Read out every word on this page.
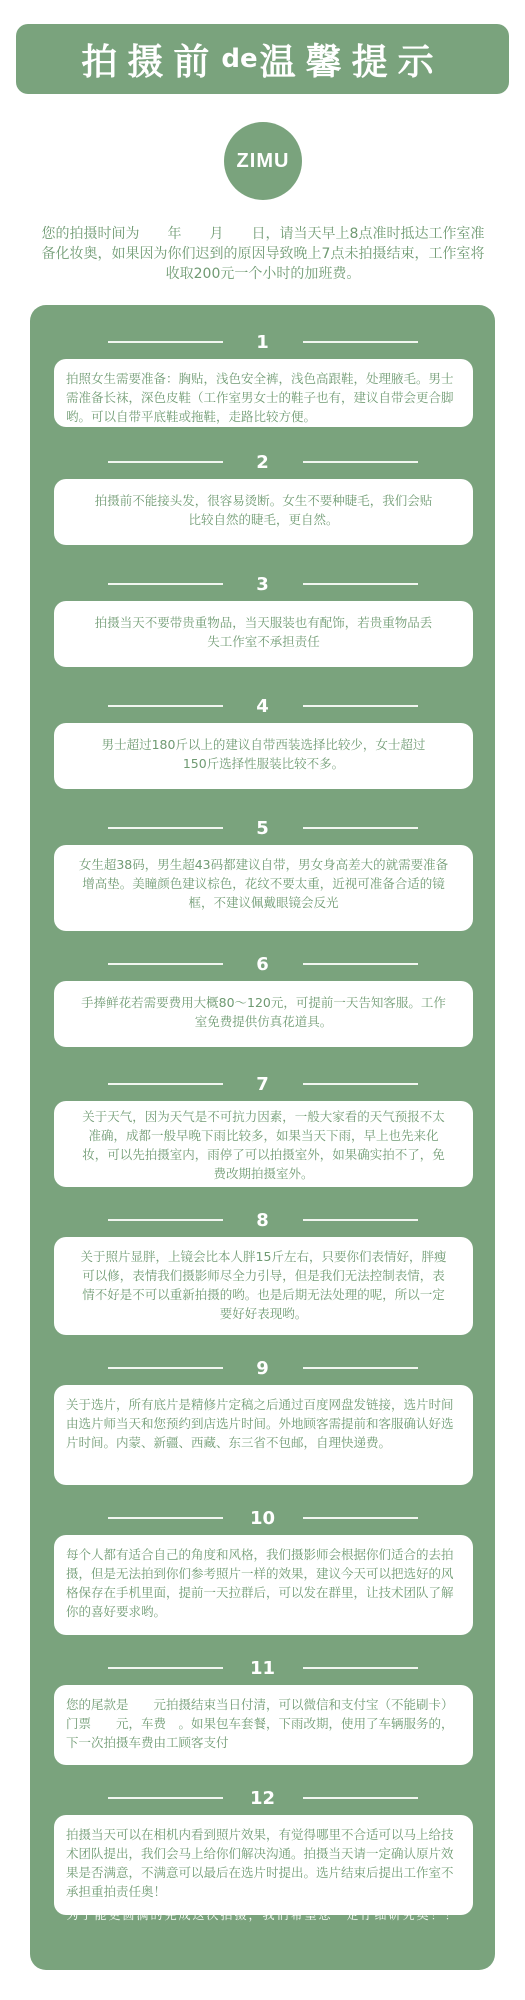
拍摄前 de 温馨提示
ZIMU
您的拍摄时间为　　年　　月　　日，请当天早上8点准时抵达工作室准备化妆奥，如果因为你们迟到的原因导致晚上7点未拍摄结束，工作室将收取200元一个小时的加班费。
1
拍照女生需要准备：胸贴，浅色安全裤，浅色高跟鞋，处理腋毛。男士需准备长袜，深色皮鞋（工作室男女士的鞋子也有，建议自带会更合脚哟。可以自带平底鞋或拖鞋，走路比较方便。
2
拍摄前不能接头发，很容易烫断。女生不要种睫毛，我们会贴比较自然的睫毛，更自然。
3
拍摄当天不要带贵重物品，当天服装也有配饰，若贵重物品丢失工作室不承担责任
4
男士超过180斤以上的建议自带西装选择比较少，女士超过150斤选择性服装比较不多。
5
女生超38码，男生超43码都建议自带，男女身高差大的就需要准备增高垫。美瞳颜色建议棕色，花纹不要太重，近视可准备合适的镜框，不建议佩戴眼镜会反光
6
手捧鲜花若需要费用大概80～120元，可提前一天告知客服。工作室免费提供仿真花道具。
7
关于天气，因为天气是不可抗力因素，一般大家看的天气预报不太准确，成都一般早晚下雨比较多，如果当天下雨，早上也先来化妆，可以先拍摄室内，雨停了可以拍摄室外，如果确实拍不了，免费改期拍摄室外。
8
关于照片显胖，上镜会比本人胖15斤左右，只要你们表情好，胖瘦可以修，表情我们摄影师尽全力引导，但是我们无法控制表情，表情不好是不可以重新拍摄的哟。也是后期无法处理的呢，所以一定要好好表现哟。
9
关于选片，所有底片是精修片定稿之后通过百度网盘发链接，选片时间由选片师当天和您预约到店选片时间。外地顾客需提前和客服确认好选片时间。内蒙、新疆、西藏、东三省不包邮，自理快递费。
10
每个人都有适合自己的角度和风格，我们摄影师会根据你们适合的去拍摄，但是无法拍到你们参考照片一样的效果，建议今天可以把选好的风格保存在手机里面，提前一天拉群后，可以发在群里，让技术团队了解你的喜好要求哟。
11
您的尾款是　　元拍摄结束当日付清，可以微信和支付宝（不能刷卡）门票　　元，车费　。如果包车套餐，下雨改期，使用了车辆服务的，下一次拍摄车费由工顾客支付
12
拍摄当天可以在相机内看到照片效果，有觉得哪里不合适可以马上给技术团队提出，我们会马上给你们解决沟通。拍摄当天请一定确认原片效果是否满意，不满意可以最后在选片时提出。选片结束后提出工作室不承担重拍责任奥！
为了能更圆满的完成这次拍摄，我们希望您一定仔细研究奥！！
